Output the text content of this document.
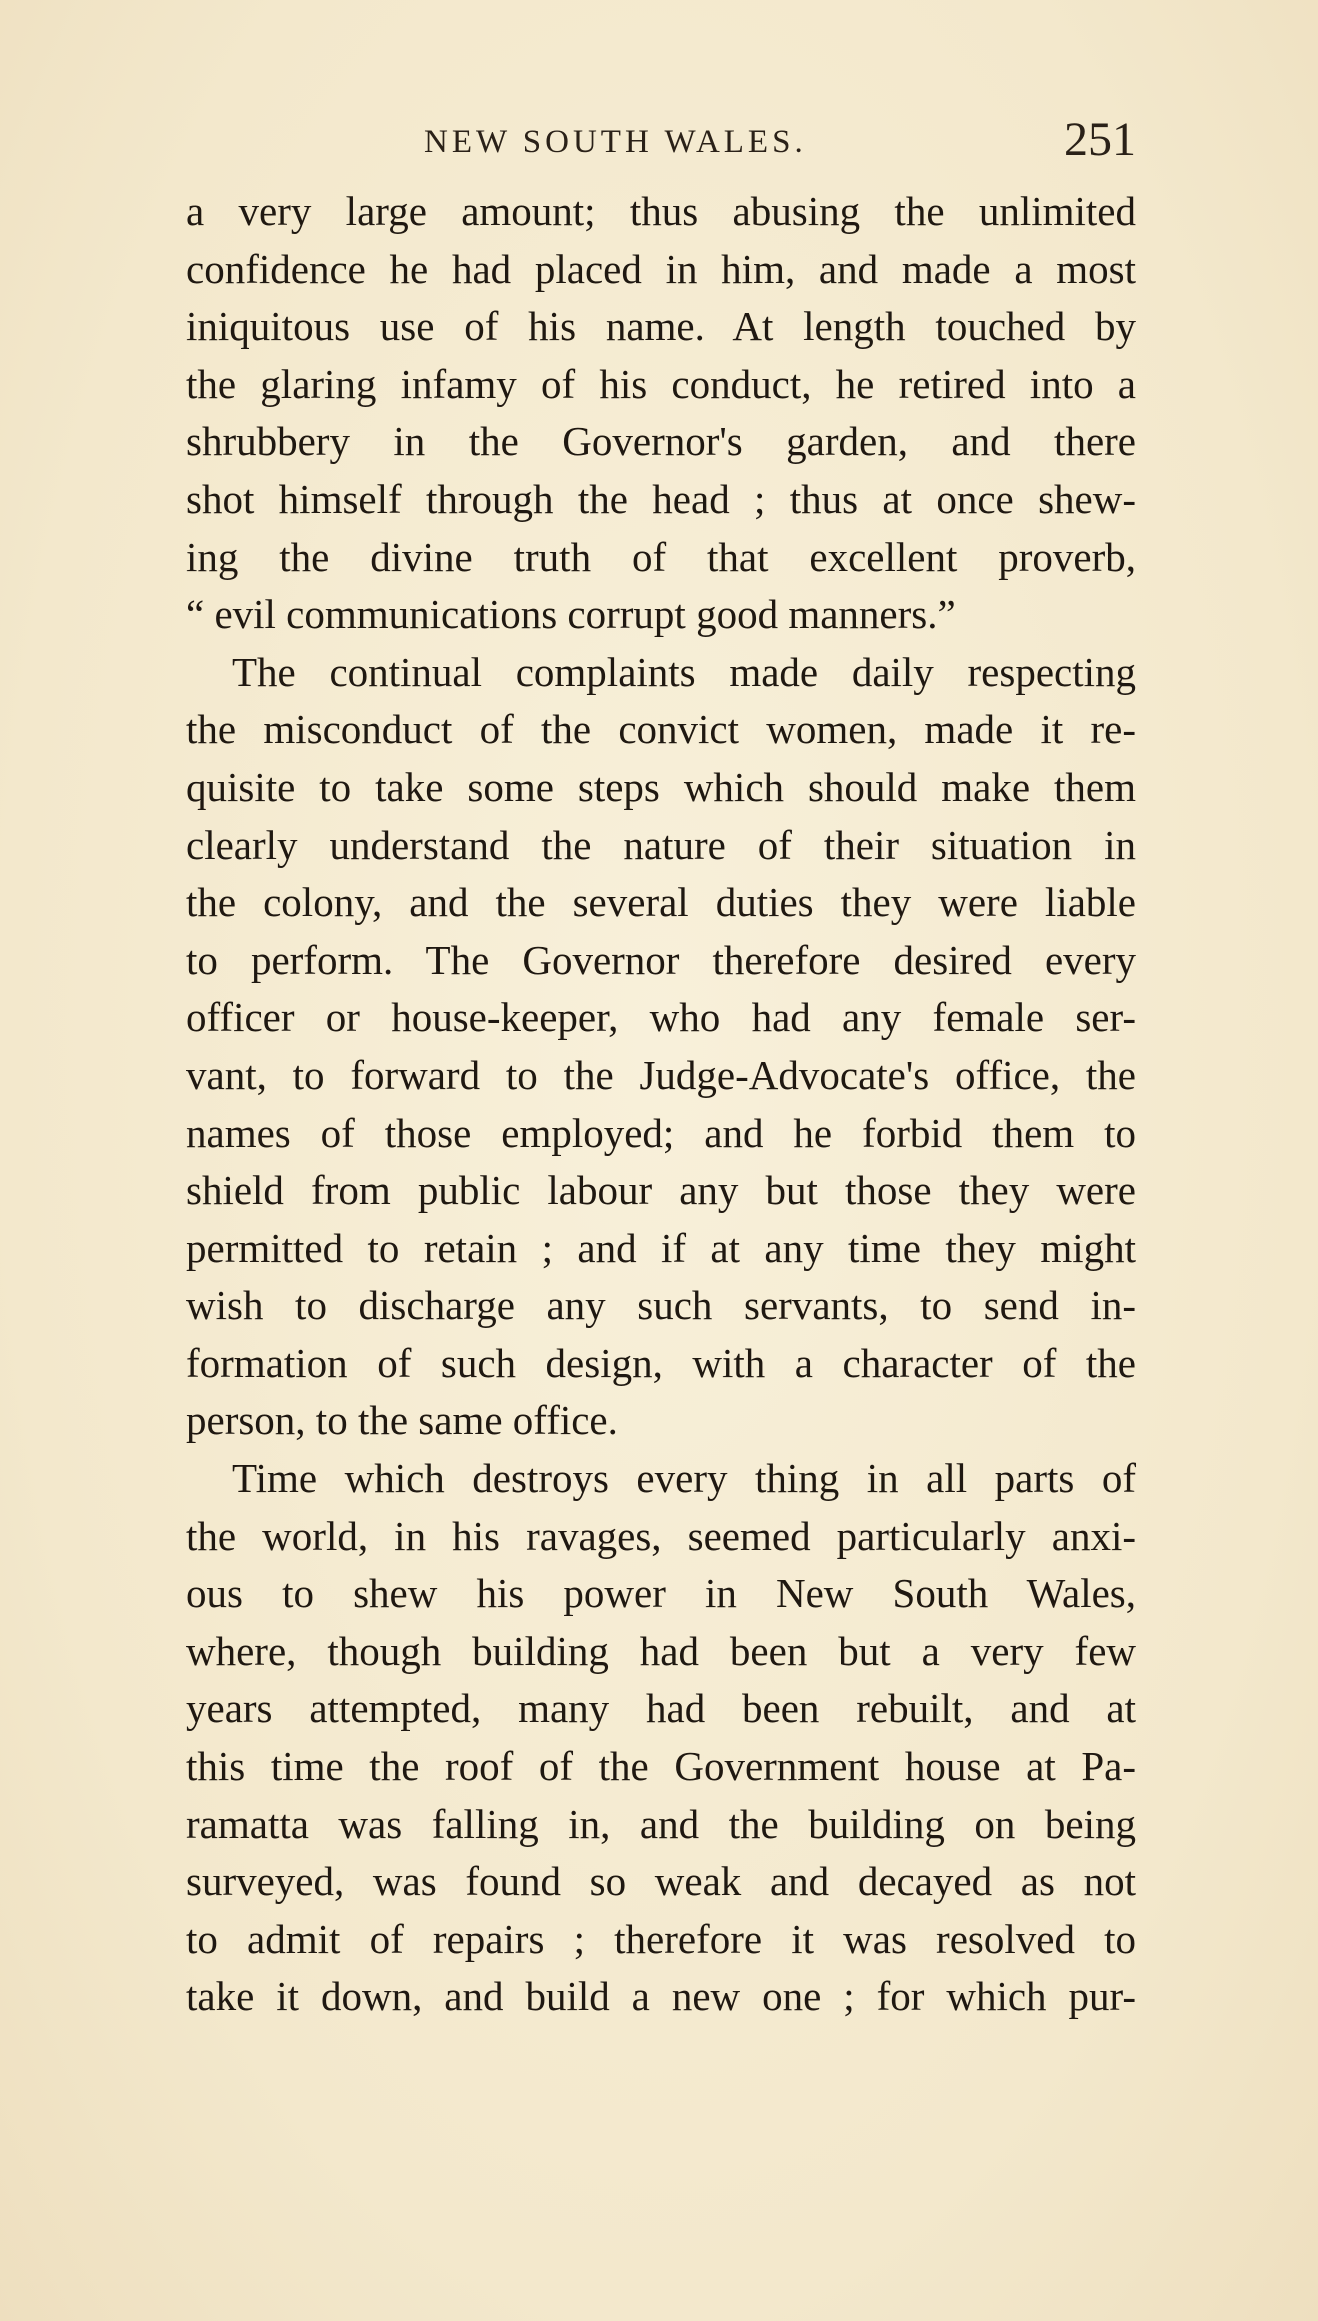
NEW SOUTH WALES.	251
a very large amount; thus abusing the unlimited
confidence he had placed in him, and made a most
iniquitous use of his name. At length touched by
the glaring infamy of his conduct, he retired into a
shrubbery in the Governor's garden, and there
shot himself through the head ; thus at once shew-
ing the divine truth of that excellent proverb,
“ evil communications corrupt good manners.”
The continual complaints made daily respecting
the misconduct of the convict women, made it re-
quisite to take some steps which should make them
clearly understand the nature of their situation in
the colony, and the several duties they were liable
to perform. The Governor therefore desired every
officer or house-keeper, who had any female ser-
vant, to forward to the Judge-Advocate's office, the
names of those employed; and he forbid them to
shield from public labour any but those they were
permitted to retain ; and if at any time they might
wish to discharge any such servants, to send in-
formation of such design, with a character of the
person, to the same office.
Time which destroys every thing in all parts of
the world, in his ravages, seemed particularly anxi-
ous to shew his power in New South Wales,
where, though building had been but a very few
years attempted, many had been rebuilt, and at
this time the roof of the Government house at Pa-
ramatta was falling in, and the building on being
surveyed, was found so weak and decayed as not
to admit of repairs ; therefore it was resolved to
take it down, and build a new one ; for which pur-
